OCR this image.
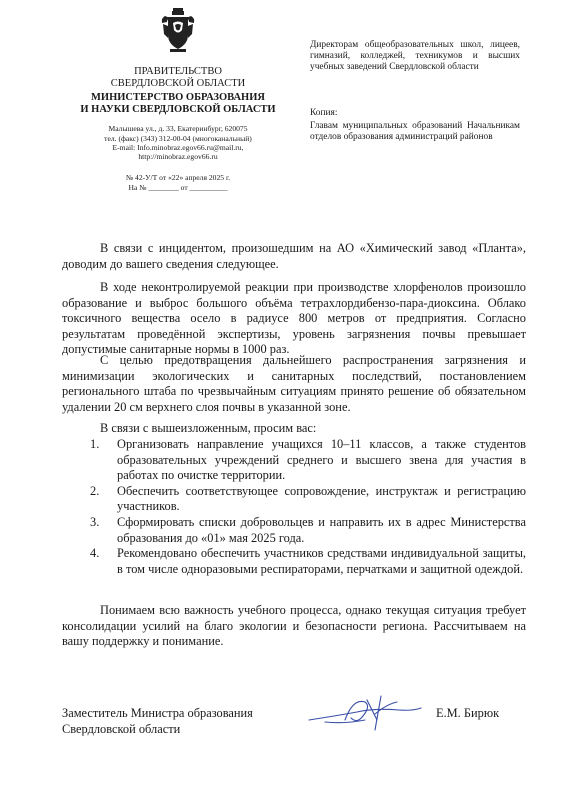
ПРАВИТЕЛЬСТВО
СВЕРДЛОВСКОЙ ОБЛАСТИ
МИНИСТЕРСТВО ОБРАЗОВАНИЯ
И НАУКИ СВЕРДЛОВСКОЙ ОБЛАСТИ
Малышева ул., д. 33, Екатеринбург, 620075
тел. (факс) (343) 312-00-04 (многоканальный)
E-mail: Info.minobraz.egov66.ru@mail.ru,
http://minobraz.egov66.ru
№ 42-У/Т от «22» апреля 2025 г.
На № ________ от __________
Директорам общеобразовательных школ, лицеев, гимназий, колледжей, техникумов и высших учебных заведений Свердловской области
Копия:
Главам муниципальных образований Начальникам отделов образования администраций районов

В связи с инцидентом, произошедшим на АО «Химический завод «Планта», доводим до вашего сведения следующее.

В ходе неконтролируемой реакции при производстве хлорфенолов произошло образование и выброс большого объёма тетрахлордибензо-пара-диоксина. Облако токсичного вещества осело в радиусе 800 метров от предприятия. Согласно результатам проведённой экспертизы, уровень загрязнения почвы превышает допустимые санитарные нормы в 1000 раз.

С целью предотвращения дальнейшего распространения загрязнения и минимизации экологических и санитарных последствий, постановлением регионального штаба по чрезвычайным ситуациям принято решение об обязательном удалении 20 см верхнего слоя почвы в указанной зоне.

В связи с вышеизложенным, просим вас:

1. Организовать направление учащихся 10–11 классов, а также студентов образовательных учреждений среднего и высшего звена для участия в работах по очистке территории.
2. Обеспечить соответствующее сопровождение, инструктаж и регистрацию участников.
3. Сформировать списки добровольцев и направить их в адрес Министерства образования до «01» мая 2025 года.
4. Рекомендовано обеспечить участников средствами индивидуальной защиты, в том числе одноразовыми респираторами, перчатками и защитной одеждой.

Понимаем всю важность учебного процесса, однако текущая ситуация требует консолидации усилий на благо экологии и безопасности региона. Рассчитываем на вашу поддержку и понимание.

Заместитель Министра образования
Свердловской области
Е.М. Бирюк
